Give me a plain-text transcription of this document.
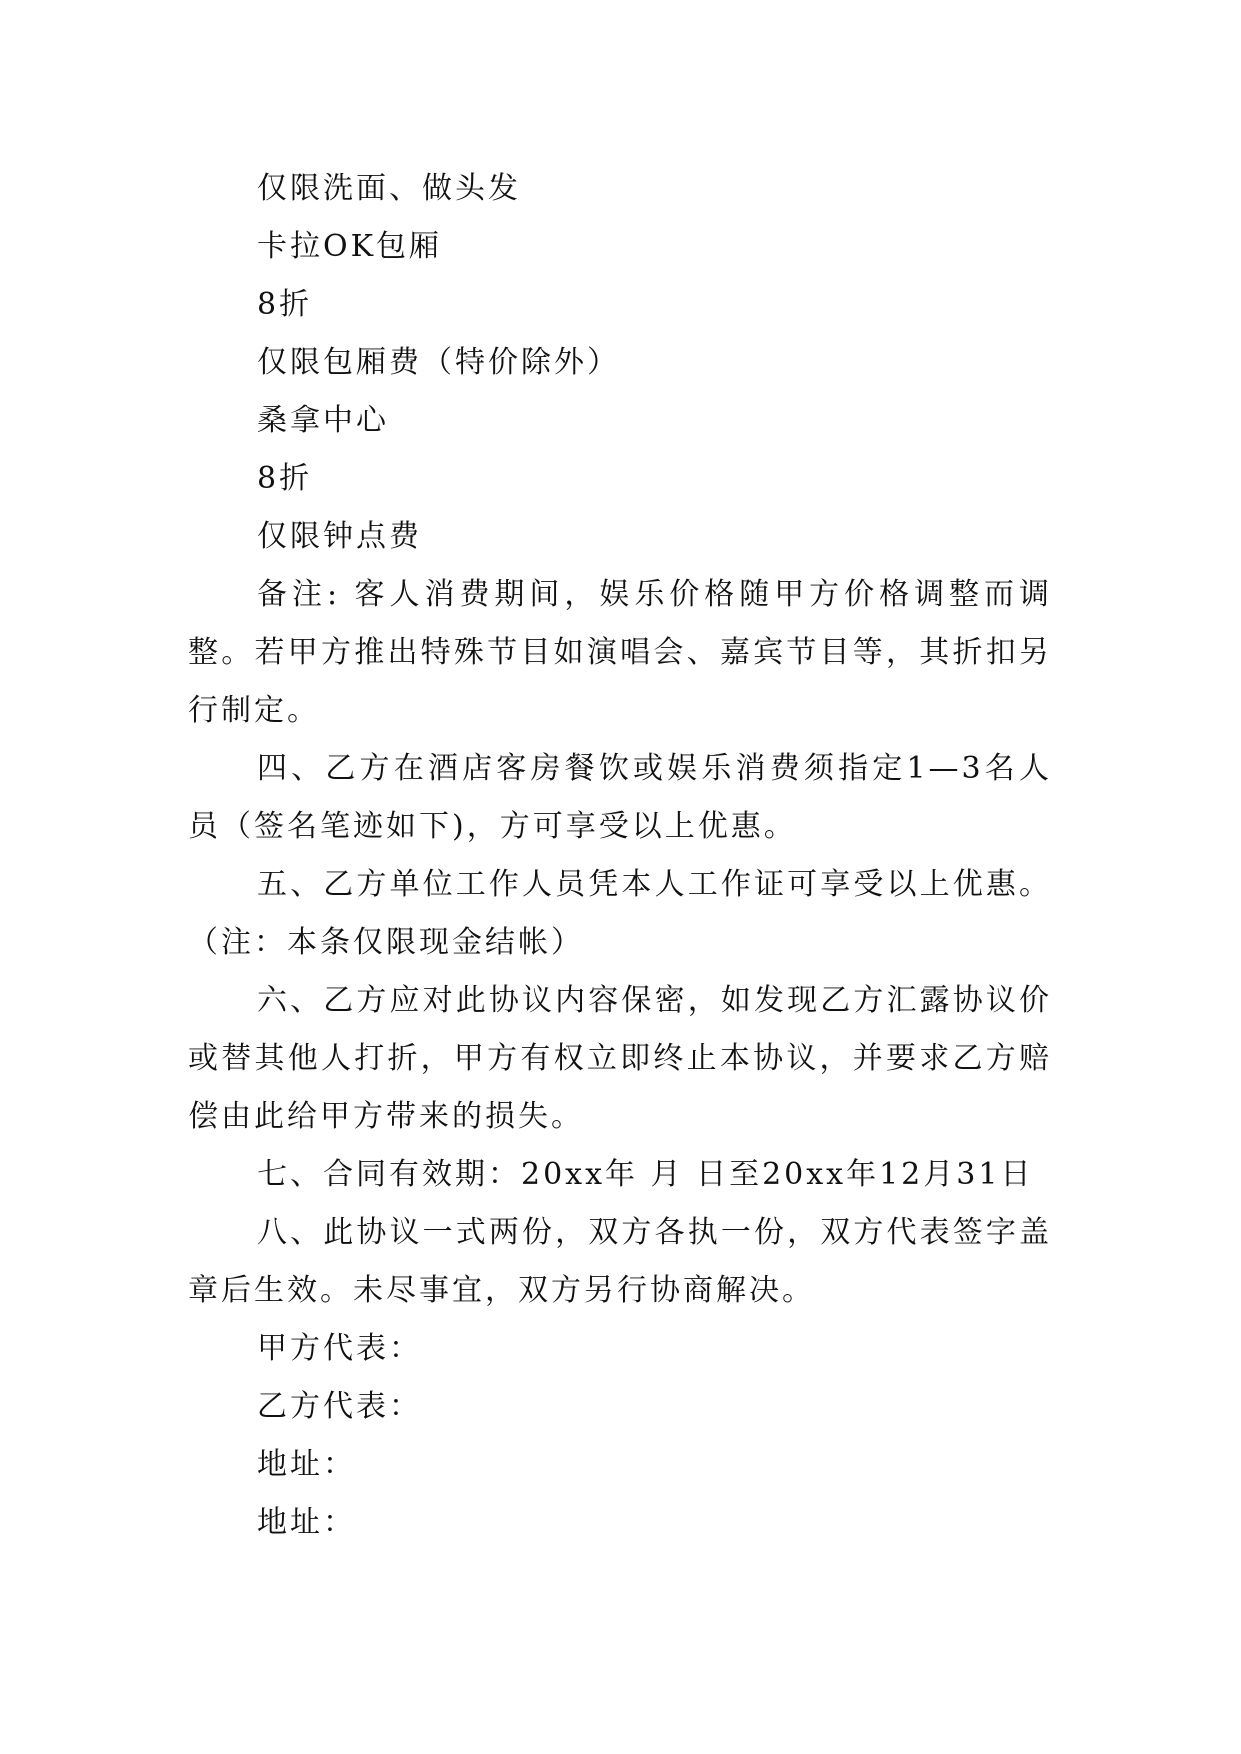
仅限洗面、做头发

卡拉OK包厢

8折

仅限包厢费（特价除外）

桑拿中心

8折

仅限钟点费

备注: 客人消费期间，娱乐价格随甲方价格调整而调整。若甲方推出特殊节目如演唱会、嘉宾节目等，其折扣另行制定。

四、乙方在酒店客房餐饮或娱乐消费须指定1—3名人员（签名笔迹如下)，方可享受以上优惠。

五、乙方单位工作人员凭本人工作证可享受以上优惠。（注：本条仅限现金结帐）

六、乙方应对此协议内容保密，如发现乙方汇露协议价或替其他人打折，甲方有权立即终止本协议，并要求乙方赔偿由此给甲方带来的损失。

七、合同有效期：20xx年 月 日至20xx年12月31日

八、此协议一式两份，双方各执一份，双方代表签字盖章后生效。未尽事宜，双方另行协商解决。

甲方代表：

乙方代表：

地址：

地址：
